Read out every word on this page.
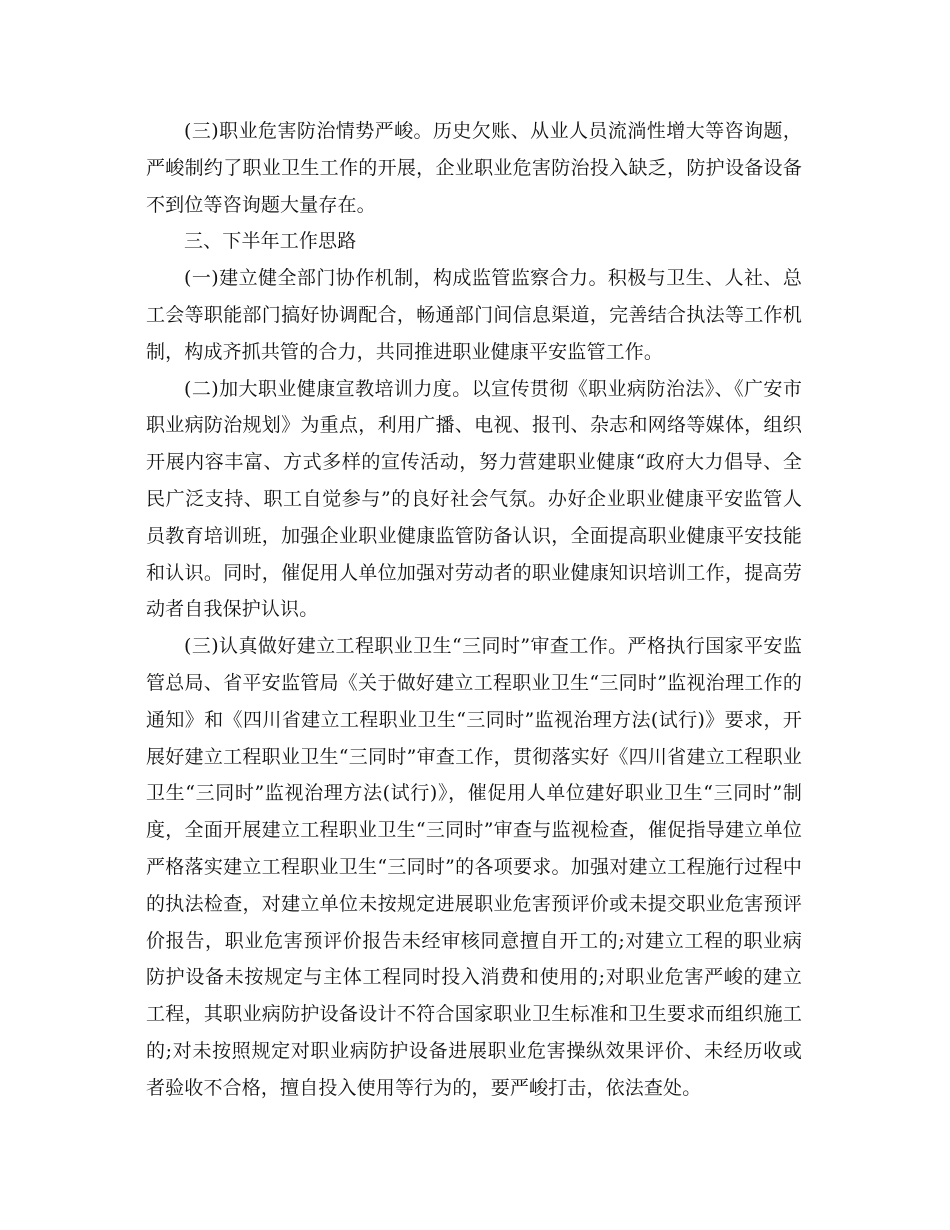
(三)职业危害防治情势严峻。历史欠账、从业人员流淌性增大等咨询题，严峻制约了职业卫生工作的开展，企业职业危害防治投入缺乏，防护设备设备不到位等咨询题大量存在。

三、下半年工作思路

(一)建立健全部门协作机制，构成监管监察合力。积极与卫生、人社、总工会等职能部门搞好协调配合，畅通部门间信息渠道，完善结合执法等工作机制，构成齐抓共管的合力，共同推进职业健康平安监管工作。

(二)加大职业健康宣教培训力度。以宣传贯彻《职业病防治法》、《广安市职业病防治规划》为重点，利用广播、电视、报刊、杂志和网络等媒体，组织开展内容丰富、方式多样的宣传活动，努力营建职业健康“政府大力倡导、全民广泛支持、职工自觉参与”的良好社会气氛。办好企业职业健康平安监管人员教育培训班，加强企业职业健康监管防备认识，全面提高职业健康平安技能和认识。同时，催促用人单位加强对劳动者的职业健康知识培训工作，提高劳动者自我保护认识。

(三)认真做好建立工程职业卫生“三同时”审查工作。严格执行国家平安监管总局、省平安监管局《关于做好建立工程职业卫生“三同时”监视治理工作的通知》和《四川省建立工程职业卫生“三同时”监视治理方法(试行)》要求，开展好建立工程职业卫生“三同时”审查工作，贯彻落实好《四川省建立工程职业卫生“三同时”监视治理方法(试行)》，催促用人单位建好职业卫生“三同时”制度，全面开展建立工程职业卫生“三同时”审查与监视检查，催促指导建立单位严格落实建立工程职业卫生“三同时”的各项要求。加强对建立工程施行过程中的执法检查，对建立单位未按规定进展职业危害预评价或未提交职业危害预评价报告，职业危害预评价报告未经审核同意擅自开工的;对建立工程的职业病防护设备未按规定与主体工程同时投入消费和使用的;对职业危害严峻的建立工程，其职业病防护设备设计不符合国家职业卫生标准和卫生要求而组织施工的;对未按照规定对职业病防护设备进展职业危害操纵效果评价、未经历收或者验收不合格，擅自投入使用等行为的，要严峻打击，依法查处。
